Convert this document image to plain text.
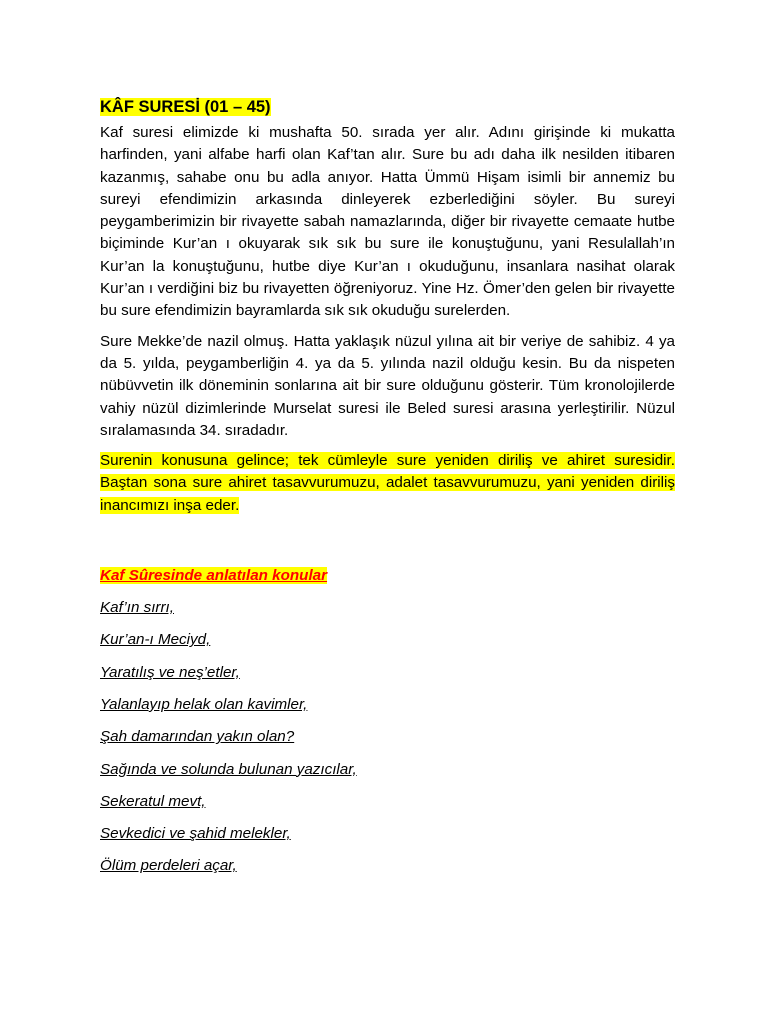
KÂF SURESİ (01 – 45)

Kaf suresi elimizde ki mushafta 50. sırada yer alır. Adını girişinde ki mukatta harfinden, yani alfabe harfi olan Kaf’tan alır. Sure bu adı daha ilk nesilden itibaren kazanmış, sahabe onu bu adla anıyor. Hatta Ümmü Hişam isimli bir annemiz bu sureyi efendimizin arkasında dinleyerek ezberlediğini söyler. Bu sureyi peygamberimizin bir rivayette sabah namazlarında, diğer bir rivayette cemaate hutbe biçiminde Kur’an ı okuyarak sık sık bu sure ile konuştuğunu, yani Resulallah’ın Kur’an la konuştuğunu, hutbe diye Kur’an ı okuduğunu, insanlara nasihat olarak Kur’an ı verdiğini biz bu rivayetten öğreniyoruz. Yine Hz. Ömer’den gelen bir rivayette bu sure efendimizin bayramlarda sık sık okuduğu surelerden.

Sure Mekke’de nazil olmuş. Hatta yaklaşık nüzul yılına ait bir veriye de sahibiz. 4 ya da 5. yılda, peygamberliğin 4. ya da 5. yılında nazil olduğu kesin. Bu da nispeten nübüvvetin ilk döneminin sonlarına ait bir sure olduğunu gösterir. Tüm kronolojilerde vahiy nüzül dizimlerinde Murselat suresi ile Beled suresi arasına yerleştirilir. Nüzul sıralamasında 34. sıradadır.

Surenin konusuna gelince; tek cümleyle sure yeniden diriliş ve ahiret suresidir. Baştan sona sure ahiret tasavvurumuzu, adalet tasavvurumuzu, yani yeniden diriliş inancımızı inşa eder.

Kaf Sûresinde anlatılan konular
Kaf’ın sırrı,
Kur’an-ı Meciyd,
Yaratılış ve neş’etler,
Yalanlayıp helak olan kavimler,
Şah damarından yakın olan?
Sağında ve solunda bulunan yazıcılar,
Sekeratul mevt,
Sevkedici ve şahid melekler,
Ölüm perdeleri açar,
